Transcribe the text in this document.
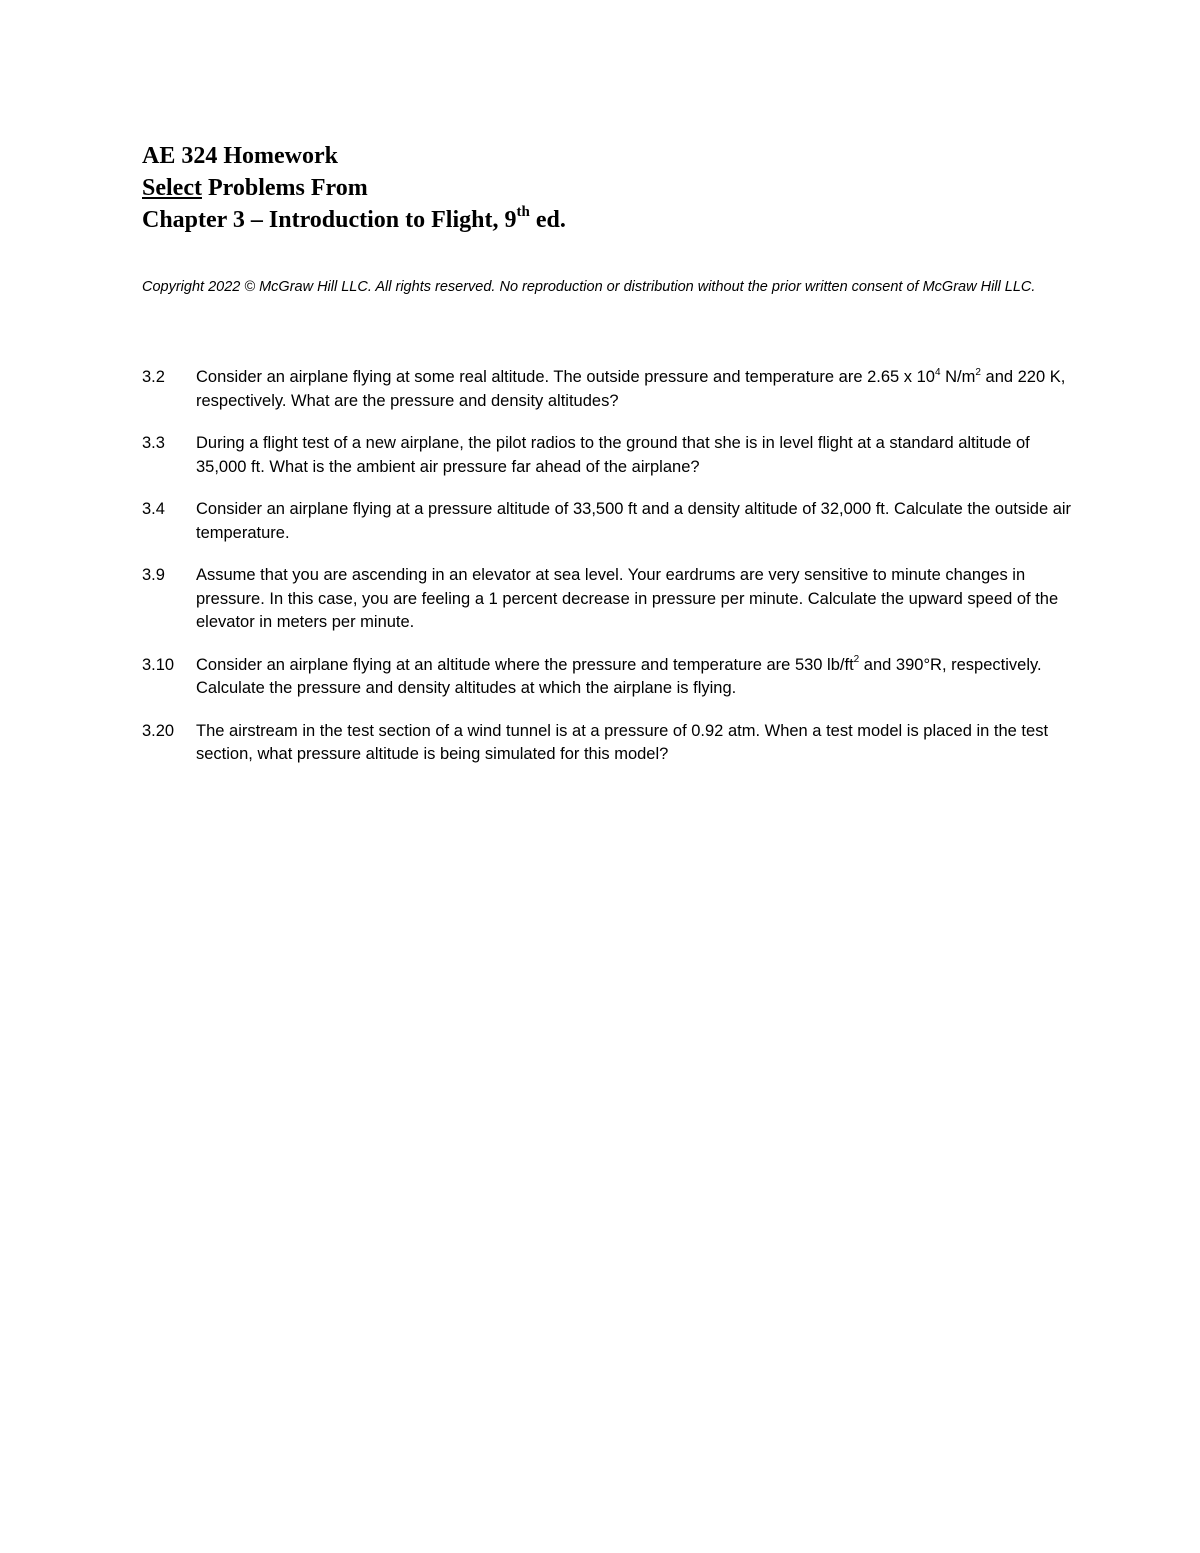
AE 324 Homework
Select Problems From
Chapter 3 – Introduction to Flight, 9th ed.
Copyright 2022 © McGraw Hill LLC. All rights reserved. No reproduction or distribution without the prior written consent of McGraw Hill LLC.
3.2	Consider an airplane flying at some real altitude. The outside pressure and temperature are 2.65 x $10^4$ $N/m^2$ and 220 K, respectively. What are the pressure and density altitudes?
3.3	During a flight test of a new airplane, the pilot radios to the ground that she is in level flight at a standard altitude of 35,000 ft. What is the ambient air pressure far ahead of the airplane?
3.4	Consider an airplane flying at a pressure altitude of 33,500 ft and a density altitude of 32,000 ft. Calculate the outside air temperature.
3.9	Assume that you are ascending in an elevator at sea level. Your eardrums are very sensitive to minute changes in pressure. In this case, you are feeling a 1 percent decrease in pressure per minute. Calculate the upward speed of the elevator in meters per minute.
3.10	Consider an airplane flying at an altitude where the pressure and temperature are 530 $lb/ft^2$ and 390°R, respectively. Calculate the pressure and density altitudes at which the airplane is flying.
3.20	The airstream in the test section of a wind tunnel is at a pressure of 0.92 atm. When a test model is placed in the test section, what pressure altitude is being simulated for this model?
